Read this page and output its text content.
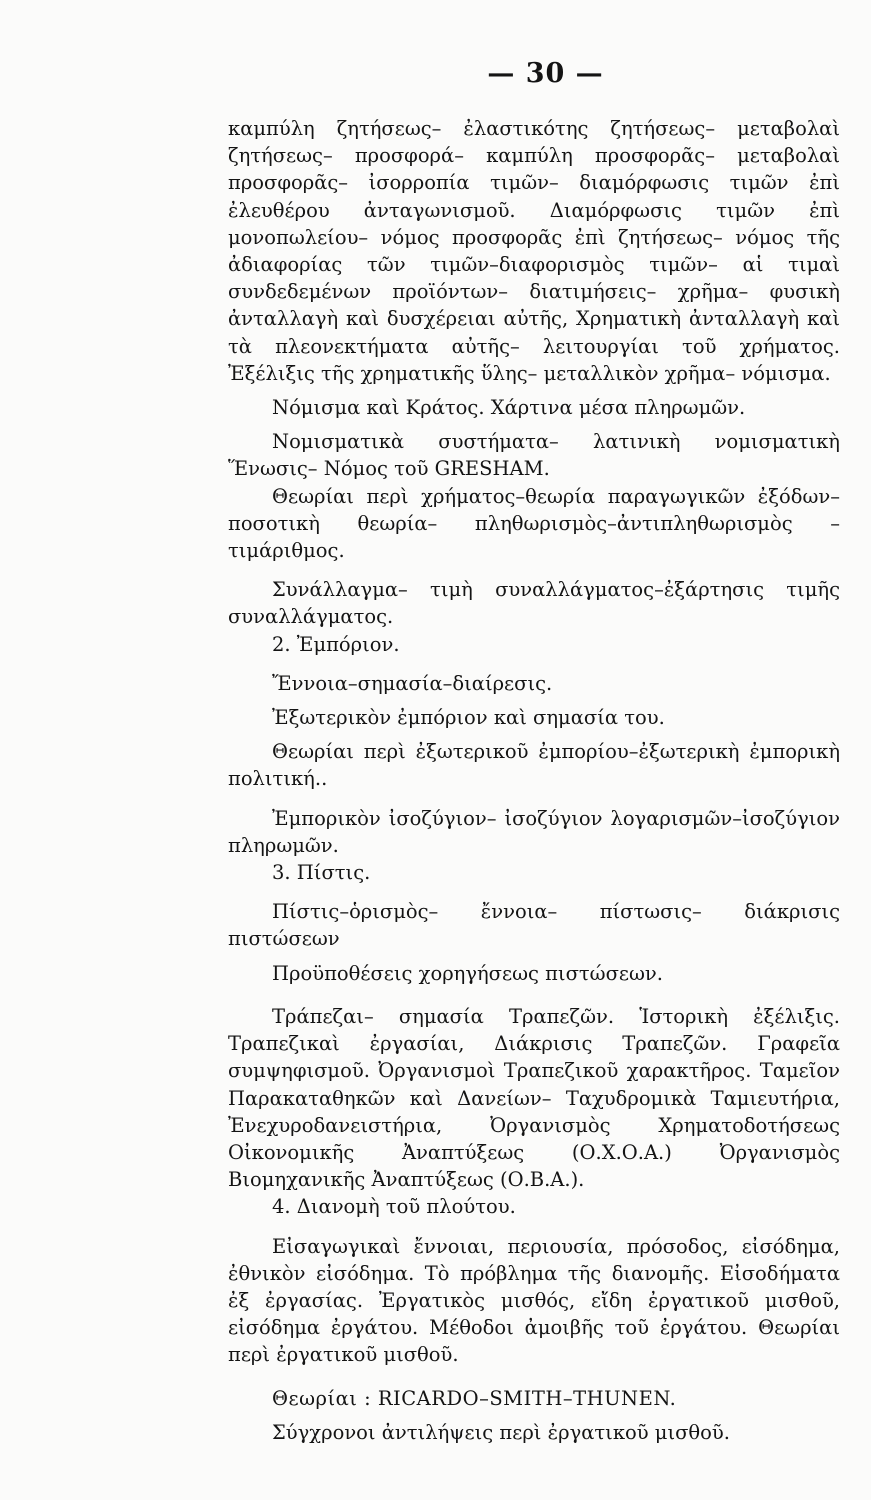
— 30 —

καμπύλη ζητήσεως– ἐλαστικότης ζητήσεως– μεταβολαὶ ζητήσεως– προσφορά– καμπύλη προσφορᾶς– μεταβολαὶ προσφορᾶς– ἰσορροπία τιμῶν– διαμόρφωσις τιμῶν ἐπὶ ἐλευθέρου ἀνταγωνισμοῦ. Διαμόρφωσις τιμῶν ἐπὶ μονοπωλείου– νόμος προσφορᾶς ἐπὶ ζητήσεως– νόμος τῆς ἀδιαφορίας τῶν τιμῶν–διαφορισμὸς τιμῶν– αἱ τιμαὶ συνδεδεμένων προϊόντων– διατιμήσεις– χρῆμα– φυσικὴ ἀνταλλαγὴ καὶ δυσχέρειαι αὐτῆς, Χρηματικὴ ἀνταλλαγὴ καὶ τὰ πλεονεκτήματα αὐτῆς– λειτουργίαι τοῦ χρήματος. Ἐξέλιξις τῆς χρηματικῆς ὕλης– μεταλλικὸν χρῆμα– νόμισμα.

Νόμισμα καὶ Κράτος. Χάρτινα μέσα πληρωμῶν.

Νομισματικὰ συστήματα– λατινικὴ νομισματικὴ Ἕνωσις– Νόμος τοῦ GRESHAM.

Θεωρίαι περὶ χρήματος–θεωρία παραγωγικῶν ἐξόδων–ποσοτικὴ θεωρία– πληθωρισμὸς–ἀντιπληθωρισμὸς –τιμάριθμος.

Συνάλλαγμα– τιμὴ συναλλάγματος–ἐξάρτησις τιμῆς συναλλάγματος.

2. Ἐμπόριον.

Ἔννοια–σημασία–διαίρεσις.

Ἐξωτερικὸν ἐμπόριον καὶ σημασία του.

Θεωρίαι περὶ ἐξωτερικοῦ ἐμπορίου–ἐξωτερικὴ ἐμπορικὴ πολιτική..

Ἐμπορικὸν ἰσοζύγιον– ἰσοζύγιον λογαρισμῶν–ἰσοζύγιον πληρωμῶν.

3. Πίστις.

Πίστις–ὁρισμὸς– ἔννοια– πίστωσις– διάκρισις πιστώσεων

Προϋποθέσεις χορηγήσεως πιστώσεων.

Τράπεζαι– σημασία Τραπεζῶν. Ἱστορικὴ ἐξέλιξις. Τραπεζικαὶ ἐργασίαι, Διάκρισις Τραπεζῶν. Γραφεῖα συμψηφισμοῦ. Ὀργανισμοὶ Τραπεζικοῦ χαρακτῆρος. Ταμεῖον Παρακαταθηκῶν καὶ Δανείων– Ταχυδρομικὰ Ταμιευτήρια, Ἐνεχυροδανειστήρια, Ὀργανισμὸς Χρηματοδοτήσεως Οἰκονομικῆς Ἀναπτύξεως (Ο.Χ.Ο.Α.) Ὀργανισμὸς Βιομηχανικῆς Ἀναπτύξεως (Ο.Β.Α.).

4. Διανομὴ τοῦ πλούτου.

Εἰσαγωγικαὶ ἔννοιαι, περιουσία, πρόσοδος, εἰσόδημα, ἐθνικὸν εἰσόδημα. Τὸ πρόβλημα τῆς διανομῆς. Εἰσοδήματα ἐξ ἐργασίας. Ἐργατικὸς μισθός, εἴδη ἐργατικοῦ μισθοῦ, εἰσόδημα ἐργάτου. Μέθοδοι ἀμοιβῆς τοῦ ἐργάτου. Θεωρίαι περὶ ἐργατικοῦ μισθοῦ.

Θεωρίαι : RICARDO–SMITH–THUNEN.

Σύγχρονοι ἀντιλήψεις περὶ ἐργατικοῦ μισθοῦ.
